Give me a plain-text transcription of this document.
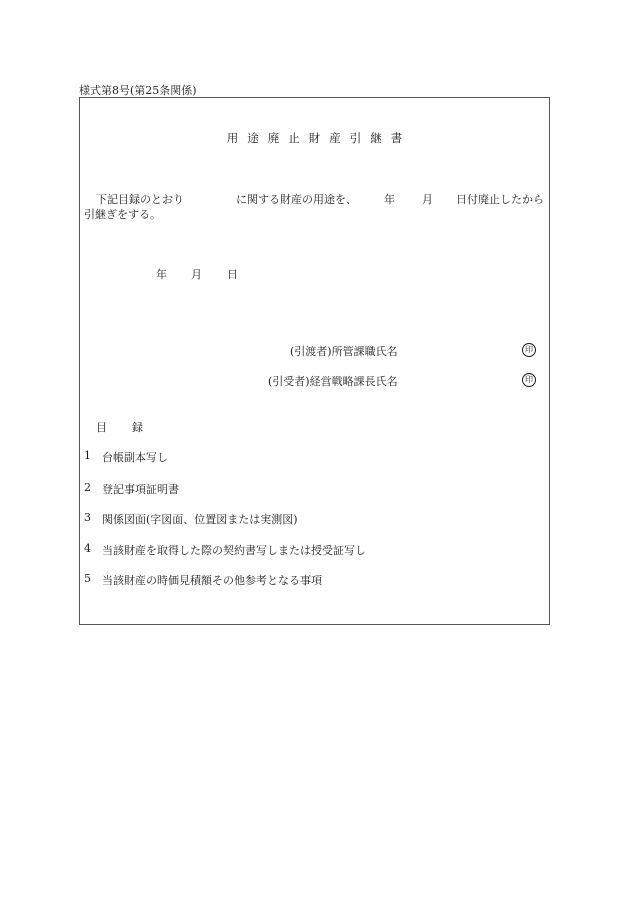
様式第8号(第25条関係)
用途廃止財産引継書
下記目録のとおり	に関する財産の用途を、 年 月 日付廃止したから
引継ぎをする。
年 月 日
(引渡者)所管課職氏名	印
(引受者)経営戦略課長氏名	印
目 録
1 台帳副本写し
2 登記事項証明書
3 関係図面(字図面、位置図または実測図)
4 当該財産を取得した際の契約書写しまたは授受証写し
5 当該財産の時価見積額その他参考となる事項
